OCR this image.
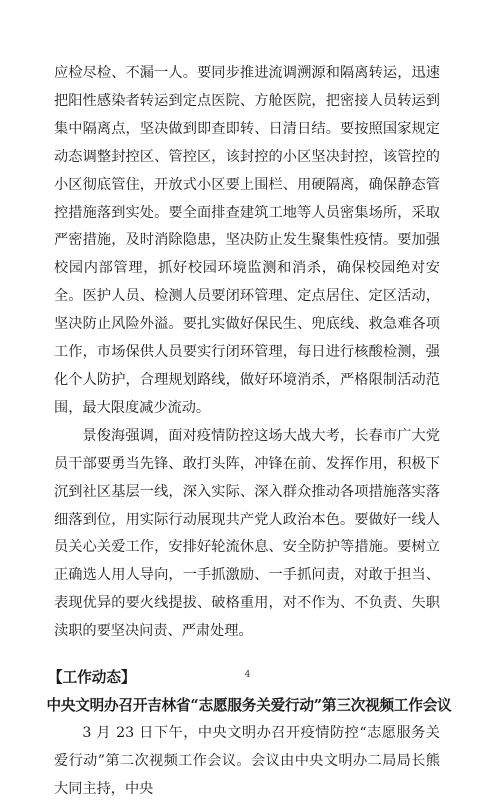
应检尽检、不漏一人。要同步推进流调溯源和隔离转运，迅速把阳性感染者转运到定点医院、方舱医院，把密接人员转运到集中隔离点，坚决做到即查即转、日清日结。要按照国家规定动态调整封控区、管控区，该封控的小区坚决封控，该管控的小区彻底管住，开放式小区要上围栏、用硬隔离，确保静态管控措施落到实处。要全面排查建筑工地等人员密集场所，采取严密措施，及时消除隐患，坚决防止发生聚集性疫情。要加强校园内部管理，抓好校园环境监测和消杀，确保校园绝对安全。医护人员、检测人员要闭环管理、定点居住、定区活动，坚决防止风险外溢。要扎实做好保民生、兜底线、救急难各项工作，市场保供人员要实行闭环管理，每日进行核酸检测，强化个人防护，合理规划路线，做好环境消杀，严格限制活动范围，最大限度减少流动。

景俊海强调，面对疫情防控这场大战大考，长春市广大党员干部要勇当先锋、敢打头阵，冲锋在前、发挥作用，积极下沉到社区基层一线，深入实际、深入群众推动各项措施落实落细落到位，用实际行动展现共产党人政治本色。要做好一线人员关心关爱工作，安排好轮流休息、安全防护等措施。要树立正确选人用人导向，一手抓激励、一手抓问责，对敢于担当、表现优异的要火线提拔、破格重用，对不作为、不负责、失职渎职的要坚决问责、严肃处理。

【工作动态】
中央文明办召开吉林省“志愿服务关爱行动”第三次视频工作会议

3 月 23 日下午，中央文明办召开疫情防控“志愿服务关爱行动”第二次视频工作会议。会议由中央文明办二局局长熊大同主持，中央

4
